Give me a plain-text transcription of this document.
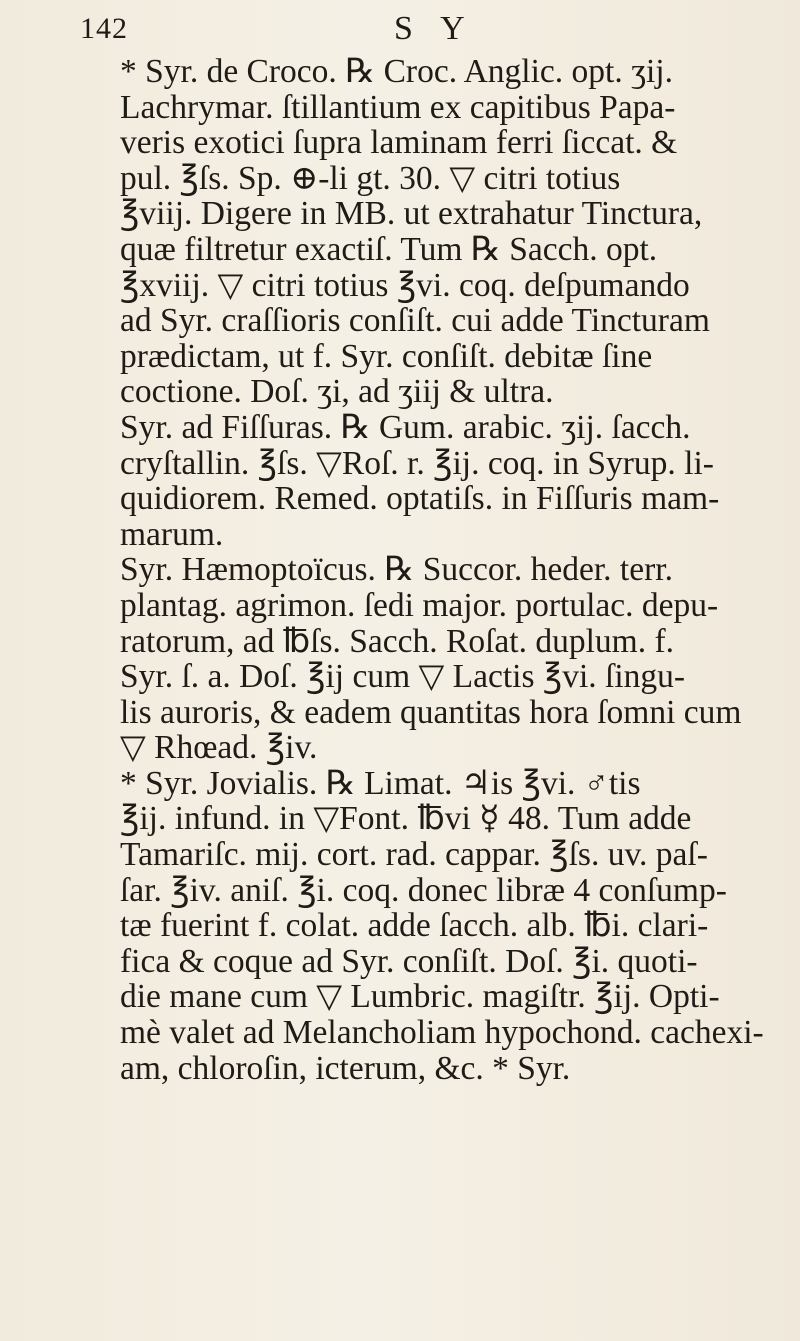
142	S Y
* Syr. de Croco. ℞ Croc. Anglic. opt. ʒij.
Lachrymar. ſtillantium ex capitibus Papa-
veris exotici ſupra laminam ferri ſiccat. &
pul. ℥ſs. Sp. ⊕-li gt. 30. ▽ citri totius
℥viij. Digere in MB. ut extrahatur Tinctura,
quæ filtretur exactiſ. Tum ℞ Sacch. opt.
℥xviij. ▽ citri totius ℥vi. coq. deſpumando
ad Syr. craſſioris conſiſt. cui adde Tincturam
prædictam, ut f. Syr. conſiſt. debitæ ſine
coctione. Doſ. ʒi, ad ʒiij & ultra.
Syr. ad Fiſſuras. ℞ Gum. arabic. ʒij. ſacch.
cryſtallin. ℥ſs. ▽Roſ. r. ℥ij. coq. in Syrup. li-
quidiorem. Remed. optatiſs. in Fiſſuris mam-
marum.
Syr. Hæmoptoïcus. ℞ Succor. heder. terr.
plantag. agrimon. ſedi major. portulac. depu-
ratorum, ad ℔ſs. Sacch. Roſat. duplum. f.
Syr. ſ. a. Doſ. ℥ij cum ▽ Lactis ℥vi. ſingu-
lis auroris, & eadem quantitas hora ſomni cum
▽ Rhœad. ℥iv.
* Syr. Jovialis. ℞ Limat. ♃is ℥vi. ♂tis
℥ij. infund. in ▽Font. ℔vi ☿ 48. Tum adde
Tamariſc. mij. cort. rad. cappar. ℥ſs. uv. paſ-
ſar. ℥iv. aniſ. ℥i. coq. donec libræ 4 conſump-
tæ fuerint f. colat. adde ſacch. alb. ℔i. clari-
fica & coque ad Syr. conſiſt. Doſ. ℥i. quoti-
die mane cum ▽ Lumbric. magiſtr. ℥ij. Opti-
mè valet ad Melancholiam hypochond. cachexi-
am, chloroſin, icterum, &c. * Syr.
